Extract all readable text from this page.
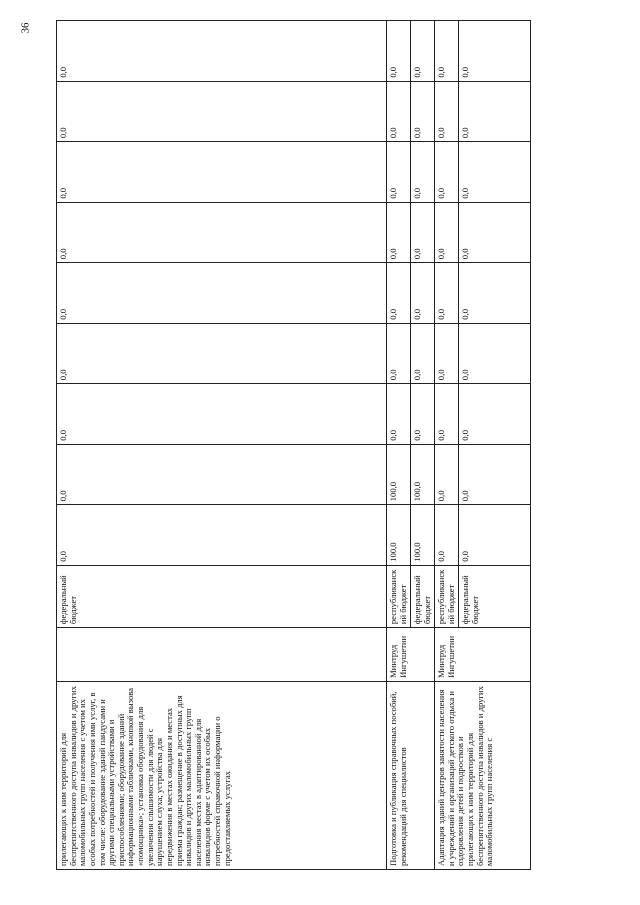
36
прилегающих к ним территорий для беспрепятственного доступа инвалидов и других маломобильных групп населения с учетом их особых потребностей и получения ими услуг, в том числе: оборудование зданий пандусами и другими специальными устройствами и приспособлениями; оборудование зданий информационными табличками, кнопкой вызова «помощника»; установка оборудования для увеличения слышимости для людей с нарушением слуха; устройства для передвижения в местах ожидания и местах приема граждан; размещение в доступных для инвалидов и других маломобильных групп населения местах в адаптированной для инвалидов форме с учетом их особых потребностей справочной информации о предоставляемых услугах		федеральный бюджет	0,0	0,0	0,0	0,0	0,0	0,0	0,0	0,0	0,0
Подготовка и публикация справочных пособий, рекомендаций для специалистов	Минтруд Ингушетии	республиканский бюджет	100,0	100,0	0,0	0,0	0,0	0,0	0,0	0,0	0,0
		федеральный бюджет	100,0	100,0	0,0	0,0	0,0	0,0	0,0	0,0	0,0
Адаптация зданий центров занятости населения и учреждений и организаций детского отдыха и оздоровления детей и подростков и прилегающих к ним территорий для беспрепятственного доступа инвалидов и других маломобильных групп населения с	Минтруд Ингушетии	республиканский бюджет	0,0	0,0	0,0	0,0	0,0	0,0	0,0	0,0	0,0
		федеральный бюджет	0,0	0,0	0,0	0,0	0,0	0,0	0,0	0,0	0,0
